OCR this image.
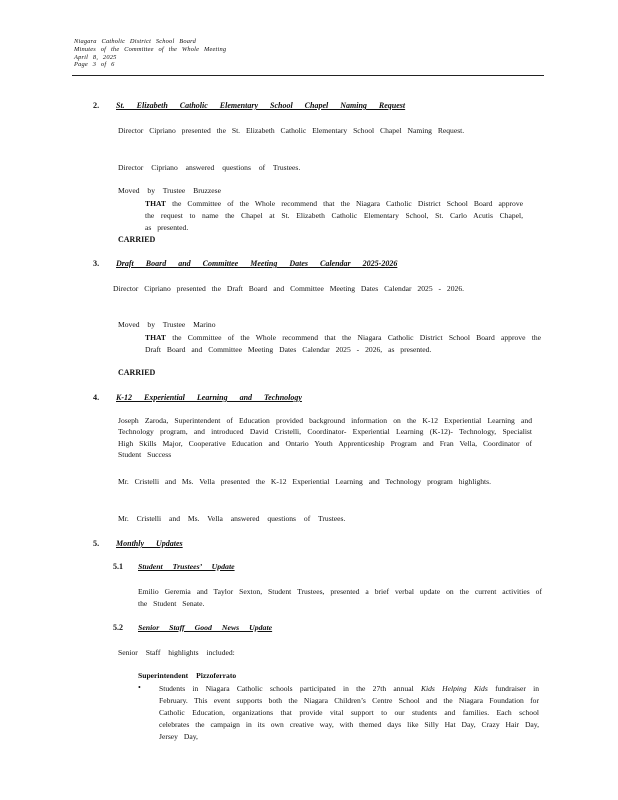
Niagara Catholic District School Board
Minutes of the Committee of the Whole Meeting
April 8, 2025
Page 3 of 6
2. St. Elizabeth Catholic Elementary School Chapel Naming Request
Director Cipriano presented the St. Elizabeth Catholic Elementary School Chapel Naming Request.
Director Cipriano answered questions of Trustees.
Moved by Trustee Bruzzese
THAT the Committee of the Whole recommend that the Niagara Catholic District School Board approve the request to name the Chapel at St. Elizabeth Catholic Elementary School, St. Carlo Acutis Chapel, as presented.
CARRIED
3. Draft Board and Committee Meeting Dates Calendar 2025-2026
Director Cipriano presented the Draft Board and Committee Meeting Dates Calendar 2025 - 2026.
Moved by Trustee Marino
THAT the Committee of the Whole recommend that the Niagara Catholic District School Board approve the Draft Board and Committee Meeting Dates Calendar 2025 - 2026, as presented.
CARRIED
4. K-12 Experiential Learning and Technology
Joseph Zaroda, Superintendent of Education provided background information on the K-12 Experiential Learning and Technology program, and introduced David Cristelli, Coordinator- Experiential Learning (K-12)- Technology, Specialist High Skills Major, Cooperative Education and Ontario Youth Apprenticeship Program and Fran Vella, Coordinator of Student Success
Mr. Cristelli and Ms. Vella presented the K-12 Experiential Learning and Technology program highlights.
Mr. Cristelli and Ms. Vella answered questions of Trustees.
5. Monthly Updates
5.1 Student Trustees’ Update
Emilio Geremia and Taylor Sexton, Student Trustees, presented a brief verbal update on the current activities of the Student Senate.
5.2 Senior Staff Good News Update
Senior Staff highlights included:
Superintendent Pizzoferrato
• Students in Niagara Catholic schools participated in the 27th annual Kids Helping Kids fundraiser in February. This event supports both the Niagara Children’s Centre School and the Niagara Foundation for Catholic Education, organizations that provide vital support to our students and families. Each school celebrates the campaign in its own creative way, with themed days like Silly Hat Day, Crazy Hair Day, Jersey Day,
